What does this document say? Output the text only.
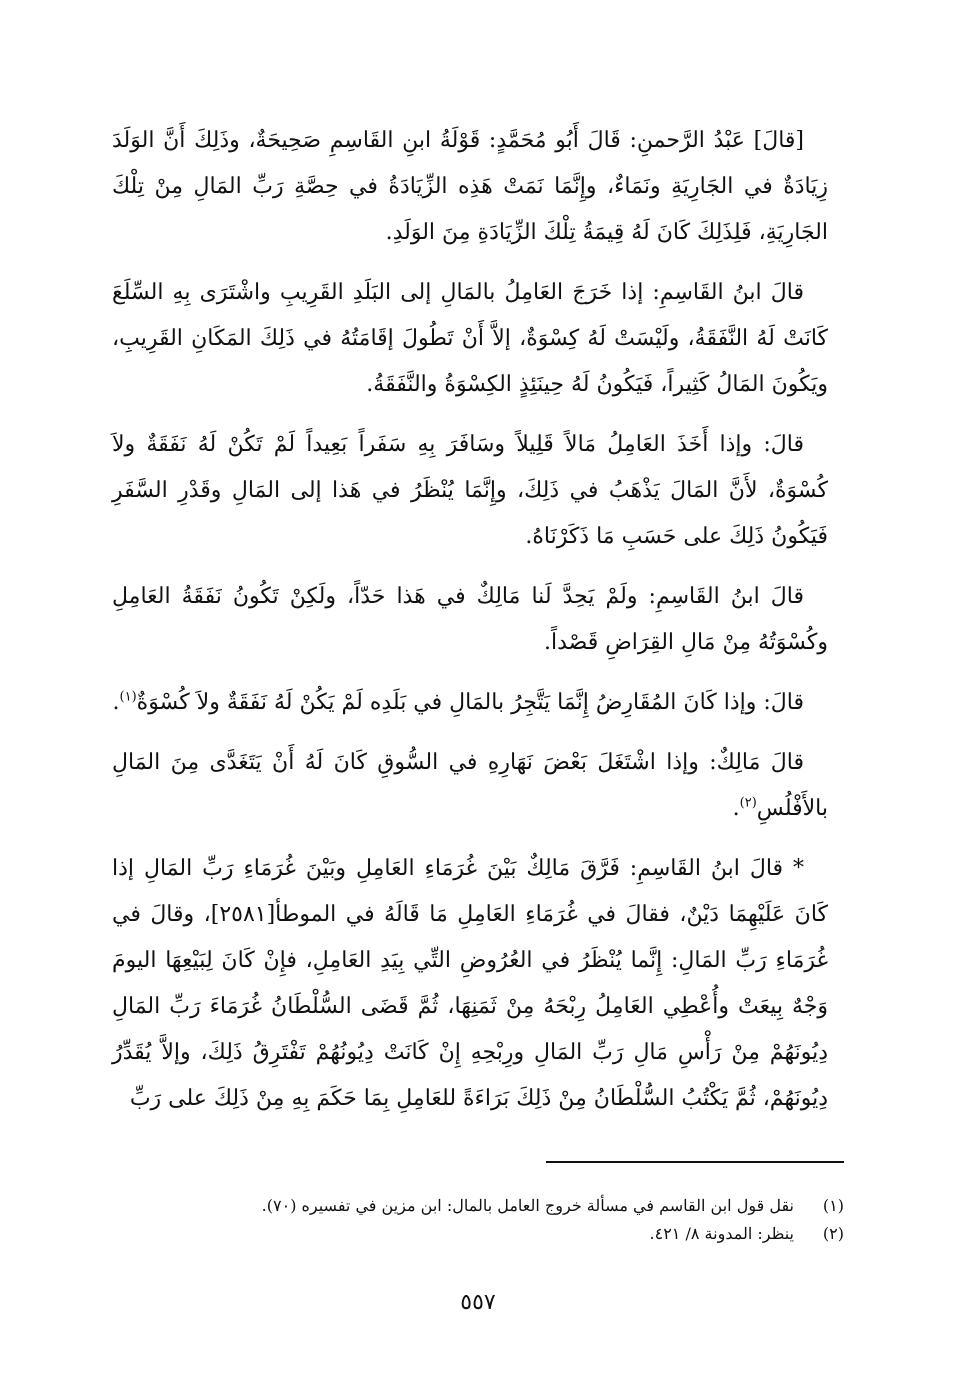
[قالَ] عَبْدُ الرَّحمنِ: قَالَ أَبُو مُحَمَّدٍ: قَوْلَةُ ابنِ القَاسِمِ صَحِيحَةٌ، وذَلِكَ أَنَّ الوَلَدَ زِيَادَةٌ في الجَارِيَةِ ونَمَاءٌ، وإِنَّمَا نَمَتْ هَذِه الزِّيَادَةُ في حِصَّةِ رَبِّ المَالِ مِنْ تِلْكَ الجَارِيَةِ، فَلِذَلِكَ كَانَ لَهُ قِيمَةُ تِلْكَ الزِّيَادَةِ مِنَ الوَلَدِ.

قالَ ابنُ القَاسِمِ: إذا خَرَجَ العَامِلُ بالمَالِ إلى البَلَدِ القَرِيبِ واشْتَرَى بِهِ السِّلَعَ كَانَتْ لَهُ النَّفَقَةُ، ولَيْسَتْ لَهُ كِسْوَةٌ، إلاَّ أَنْ تَطُولَ إقَامَتُهُ في ذَلِكَ المَكَانِ القَرِيبِ، ويَكُونَ المَالُ كَثِيراً، فَيَكُونُ لَهُ حِينَئِذٍ الكِسْوَةُ والنَّفَقَةُ.

قالَ: وإذا أَخَذَ العَامِلُ مَالاً قَلِيلاً وسَافَرَ بِهِ سَفَراً بَعِيداً لَمْ تَكُنْ لَهُ نَفَقَةٌ ولاَ كُسْوَةٌ، لأَنَّ المَالَ يَذْهَبُ في ذَلِكَ، وإِنَّمَا يُنْظَرُ في هَذا إلى المَالِ وقَدْرِ السَّفَرِ فَيَكُونُ ذَلِكَ على حَسَبِ مَا ذَكَرْنَاهُ.

قالَ ابنُ القَاسِمِ: ولَمْ يَحِدَّ لَنا مَالِكٌ في هَذا حَدّاً، ولَكِنْ تَكُونُ نَفَقَةُ العَامِلِ وكُسْوَتُهُ مِنْ مَالِ القِرَاضِ قَصْداً.

قالَ: وإذا كَانَ المُقَارِضُ إِنَّمَا يَتَّجِرُ بالمَالِ في بَلَدِه لَمْ يَكُنْ لَهُ نَفَقَةٌ ولاَ كُسْوَةٌ$^{(١)}$.

قالَ مَالِكٌ: وإذا اشْتَغَلَ بَعْضَ نَهَارِهِ في السُّوقِ كَانَ لَهُ أَنْ يَتَغَدَّى مِنَ المَالِ بالأَفْلُسِ$^{(٢)}$.

* قالَ ابنُ القَاسِمِ: فَرَّقَ مَالِكٌ بَيْنَ غُرَمَاءِ العَامِلِ وبَيْنَ غُرَمَاءِ رَبِّ المَالِ إذا كَانَ عَلَيْهِمَا دَيْنٌ، فقالَ في غُرَمَاءِ العَامِلِ مَا قَالَهُ في الموطأ[٢٥٨١]، وقالَ في غُرَمَاءِ رَبِّ المَالِ: إِنَّما يُنْظَرُ في العُرُوضِ التِّي بِيَدِ العَامِلِ، فإِنْ كَانَ لِبَيْعِهَا اليومَ وَجْهٌ بِيعَتْ وأُعْطِي العَامِلُ رِبْحَهُ مِنْ ثَمَنِهَا، ثُمَّ قَضَى السُّلْطَانُ غُرَمَاءَ رَبِّ المَالِ دِيُونَهُمْ مِنْ رَأْسِ مَالِ رَبِّ المَالِ ورِبْحِهِ إِنْ كَانَتْ دِيُونُهُمْ تَفْتَرِقُ ذَلِكَ، وإلاَّ يُقَدِّرُ دِيُونَهُمْ، ثُمَّ يَكْتُبُ السُّلْطَانُ مِنْ ذَلِكَ بَرَاءَةً للعَامِلِ بِمَا حَكَمَ بِهِ مِنْ ذَلِكَ على رَبِّ

(١)
نقل قول ابن القاسم في مسألة خروج العامل بالمال: ابن مزين في تفسيره (٧٠).
(٢)
ينظر: المدونة ٨/ ٤٢١.
٥٥٧
